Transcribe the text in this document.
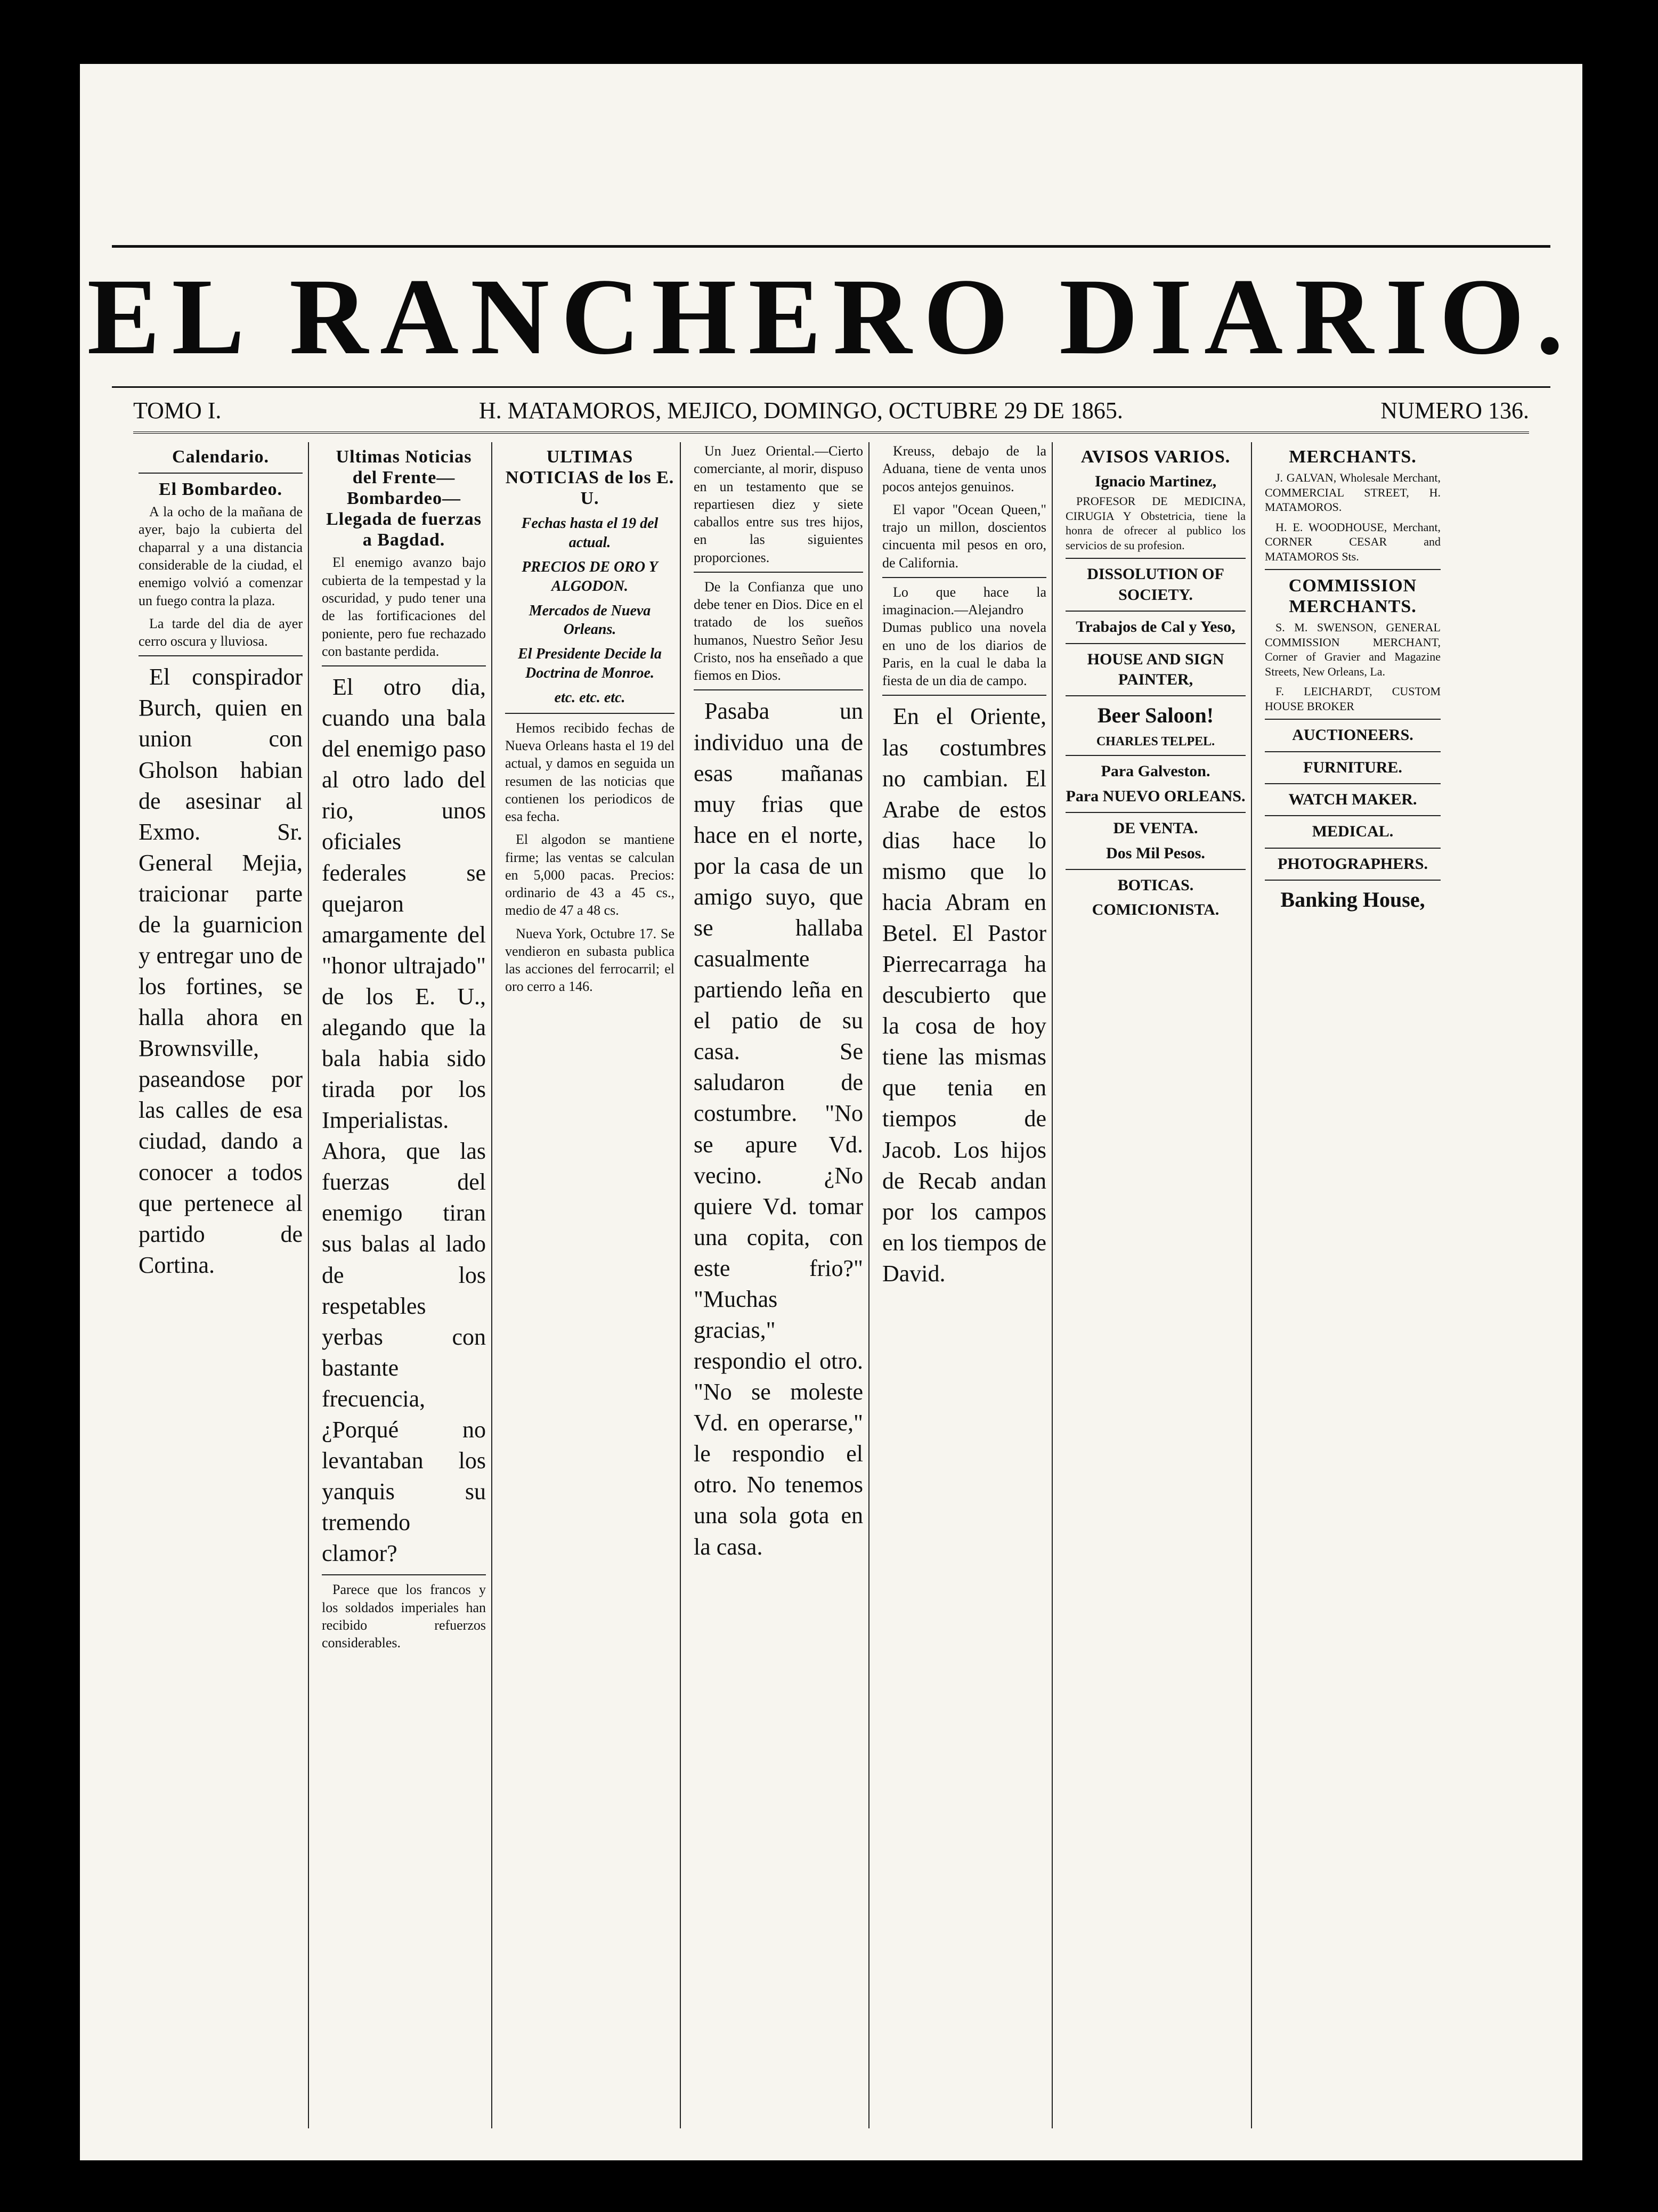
EL RANCHERO DIARIO.
TOMO I.	H. MATAMOROS, MEJICO, DOMINGO, OCTUBRE 29 DE 1865.	NUMERO 136.
Calendario.
El Bombardeo.

A la ocho de la mañana de ayer, bajo la cubierta del chaparral y a una distancia considerable de la ciudad, el enemigo volvió a comenzar un fuego contra la plaza.

La tarde del dia de ayer cerro oscura y lluviosa.

El conspirador Burch, quien en union con Gholson habian de asesinar al Exmo. Sr. General Mejia, traicionar parte de la guarnicion y entregar uno de los fortines, se halla ahora en Brownsville, paseandose por las calles de esa ciudad, dando a conocer a todos que pertenece al partido de Cortina.

Ultimas Noticias del Frente—Bombardeo—Llegada de fuerzas a Bagdad.

El enemigo avanzo bajo cubierta de la tempestad y la oscuridad, y pudo tener una de las fortificaciones del poniente, pero fue rechazado con bastante perdida.

El otro dia, cuando una bala del enemigo paso al otro lado del rio, unos oficiales federales se quejaron amargamente del "honor ultrajado" de los E. U., alegando que la bala habia sido tirada por los Imperialistas. Ahora, que las fuerzas del enemigo tiran sus balas al lado de los respetables yerbas con bastante frecuencia, ¿Porqué no levantaban los yanquis su tremendo clamor?

Parece que los francos y los soldados imperiales han recibido refuerzos considerables.

ULTIMAS NOTICIAS de los E. U.
Fechas hasta el 19 del actual.
PRECIOS DE ORO Y ALGODON.
Mercados de Nueva Orleans.
El Presidente Decide la Doctrina de Monroe.
etc. etc. etc.

Hemos recibido fechas de Nueva Orleans hasta el 19 del actual, y damos en seguida un resumen de las noticias que contienen los periodicos de esa fecha.

El algodon se mantiene firme; las ventas se calculan en 5,000 pacas. Precios: ordinario de 43 a 45 cs., medio de 47 a 48 cs.

Nueva York, Octubre 17. Se vendieron en subasta publica las acciones del ferrocarril; el oro cerro a 146.

Un Juez Oriental.—Cierto comerciante, al morir, dispuso en un testamento que se repartiesen diez y siete caballos entre sus tres hijos, en las siguientes proporciones.

De la Confianza que uno debe tener en Dios. Dice en el tratado de los sueños humanos, Nuestro Señor Jesu Cristo, nos ha enseñado a que fiemos en Dios.

Pasaba un individuo una de esas mañanas muy frias que hace en el norte, por la casa de un amigo suyo, que se hallaba casualmente partiendo leña en el patio de su casa. Se saludaron de costumbre. "No se apure Vd. vecino. ¿No quiere Vd. tomar una copita, con este frio?" "Muchas gracias," respondio el otro. "No se moleste Vd. en operarse," le respondio el otro. No tenemos una sola gota en la casa.

Kreuss, debajo de la Aduana, tiene de venta unos pocos antejos genuinos.

El vapor "Ocean Queen," trajo un millon, doscientos cincuenta mil pesos en oro, de California.

Lo que hace la imaginacion.—Alejandro Dumas publico una novela en uno de los diarios de Paris, en la cual le daba la fiesta de un dia de campo.

En el Oriente, las costumbres no cambian. El Arabe de estos dias hace lo mismo que lo hacia Abram en Betel. El Pastor Pierrecarraga ha descubierto que la cosa de hoy tiene las mismas que tenia en tiempos de Jacob. Los hijos de Recab andan por los campos en los tiempos de David.

AVISOS VARIOS.
Ignacio Martinez,

PROFESOR DE MEDICINA, CIRUGIA Y Obstetricia, tiene la honra de ofrecer al publico los servicios de su profesion.

DISSOLUTION OF SOCIETY.
Trabajos de Cal y Yeso,
HOUSE AND SIGN PAINTER,
Beer Saloon!
CHARLES TELPEL.
Para Galveston.
Para NUEVO ORLEANS.
DE VENTA.
Dos Mil Pesos.
BOTICAS.
COMICIONISTA.
MERCHANTS.

J. GALVAN, Wholesale Merchant, COMMERCIAL STREET, H. MATAMOROS.

H. E. WOODHOUSE, Merchant, CORNER CESAR and MATAMOROS Sts.

COMMISSION MERCHANTS.

S. M. SWENSON, GENERAL COMMISSION MERCHANT, Corner of Gravier and Magazine Streets, New Orleans, La.

F. LEICHARDT, CUSTOM HOUSE BROKER

AUCTIONEERS.
FURNITURE.
WATCH MAKER.
MEDICAL.
PHOTOGRAPHERS.
Banking House,
